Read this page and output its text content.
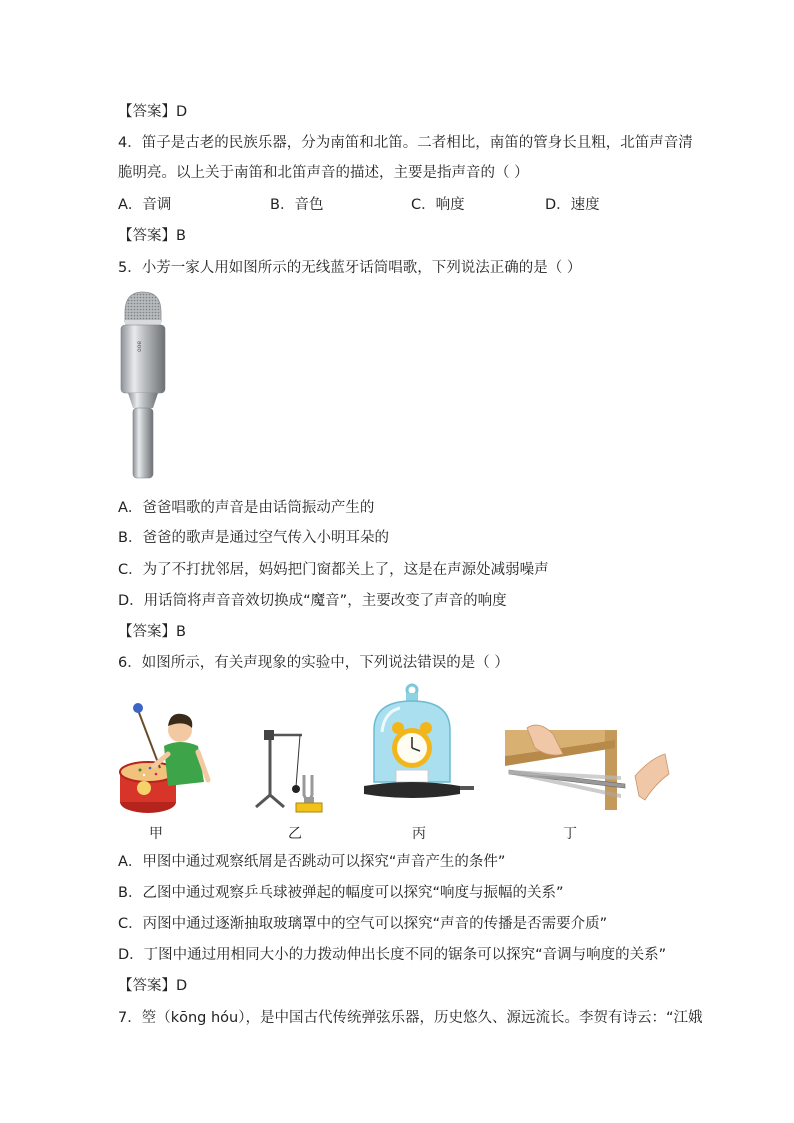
【答案】D
4．笛子是古老的民族乐器，分为南笛和北笛。二者相比，南笛的管身长且粗，北笛声音清
脆明亮。以上关于南笛和北笛声音的描述，主要是指声音的（ ）
A．音调	B．音色	C．响度	D．速度
【答案】B
5．小芳一家人用如图所示的无线蓝牙话筒唱歌，下列说法正确的是（ ）
ooe
A．爸爸唱歌的声音是由话筒振动产生的
B．爸爸的歌声是通过空气传入小明耳朵的
C．为了不打扰邻居，妈妈把门窗都关上了，这是在声源处减弱噪声
D．用话筒将声音音效切换成“魔音”，主要改变了声音的响度
【答案】B
6．如图所示，有关声现象的实验中，下列说法错误的是（ ）
甲	乙	丙	丁
A．甲图中通过观察纸屑是否跳动可以探究“声音产生的条件”
B．乙图中通过观察乒乓球被弹起的幅度可以探究“响度与振幅的关系”
C．丙图中通过逐渐抽取玻璃罩中的空气可以探究“声音的传播是否需要介质”
D．丁图中通过用相同大小的力拨动伸出长度不同的锯条可以探究“音调与响度的关系”
【答案】D
7．箜（kōng hóu），是中国古代传统弹弦乐器，历史悠久、源远流长。李贺有诗云：“江娥
